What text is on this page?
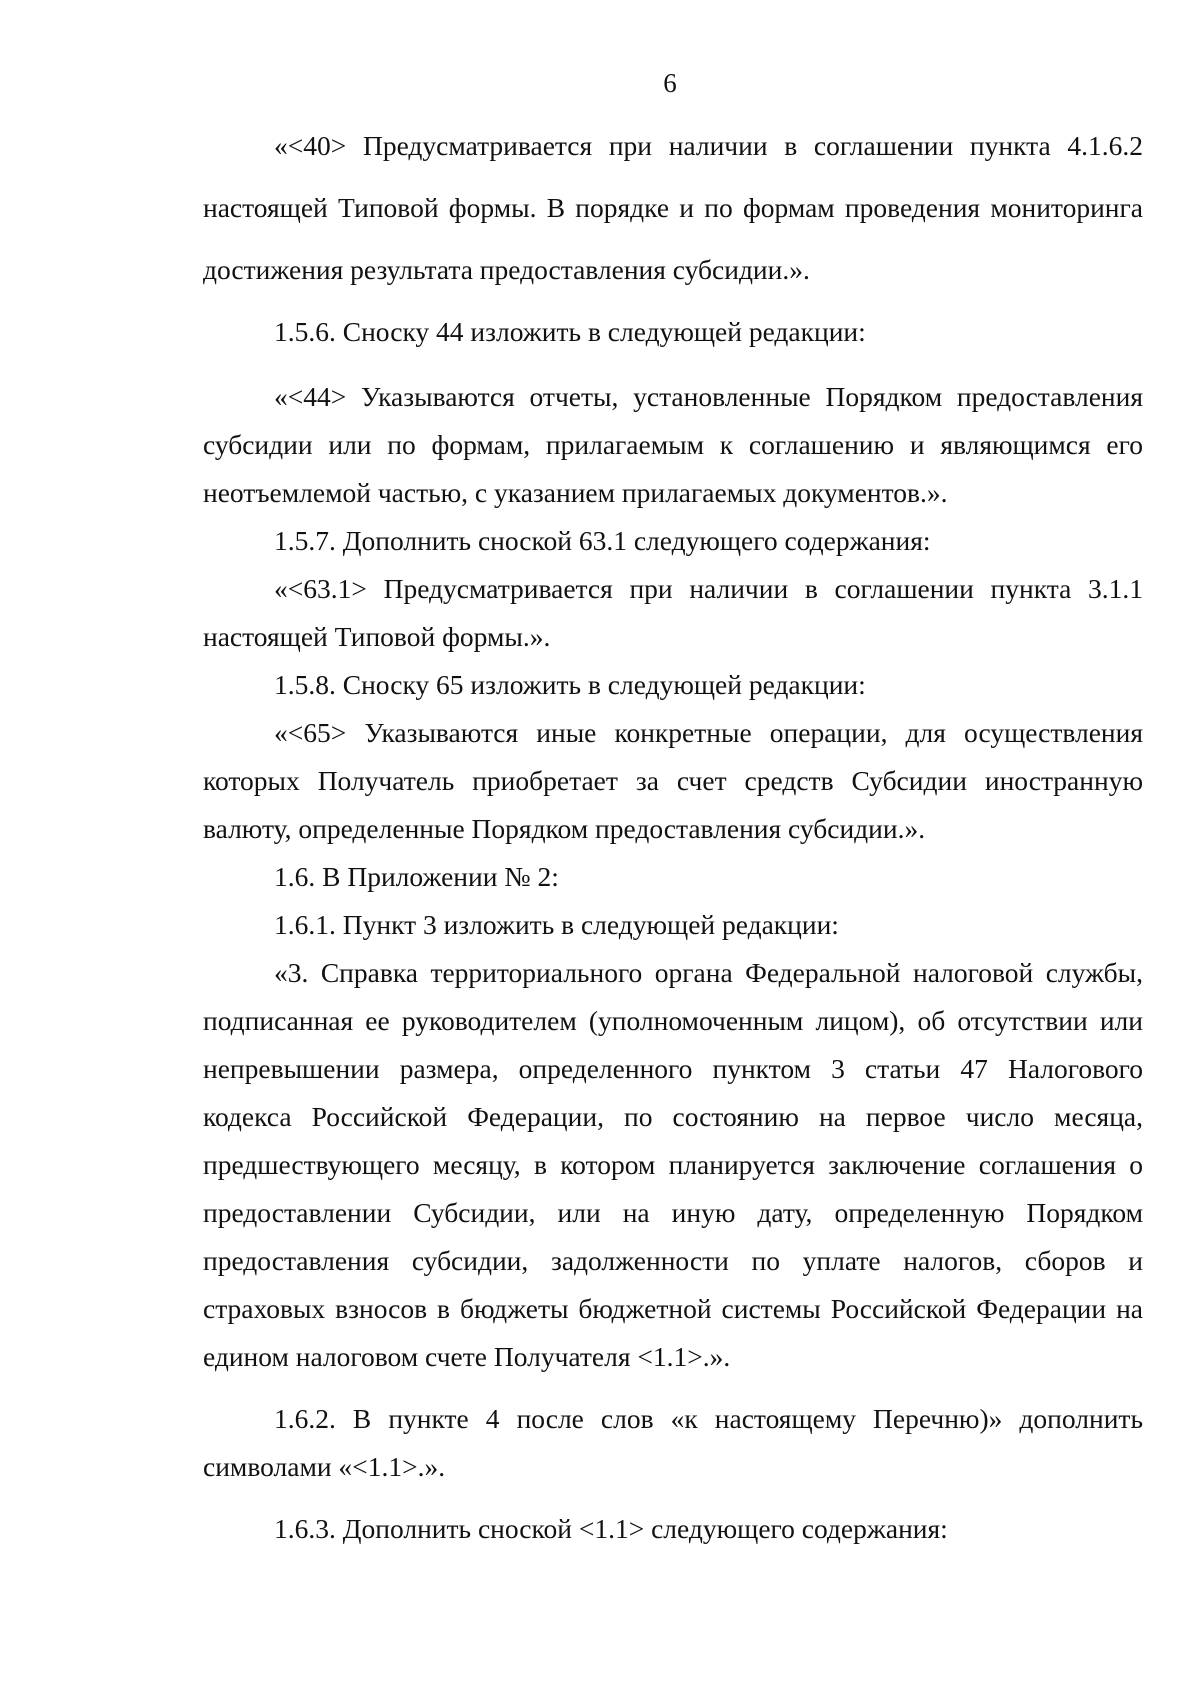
6

«<40> Предусматривается при наличии в соглашении пункта 4.1.6.2 настоящей Типовой формы. В порядке и по формам проведения мониторинга достижения результата предоставления субсидии.».

1.5.6. Сноску 44 изложить в следующей редакции:

«<44> Указываются отчеты, установленные Порядком предоставления субсидии или по формам, прилагаемым к соглашению и являющимся его неотъемлемой частью, с указанием прилагаемых документов.».

1.5.7. Дополнить сноской 63.1 следующего содержания:

«<63.1> Предусматривается при наличии в соглашении пункта 3.1.1 настоящей Типовой формы.».

1.5.8. Сноску 65 изложить в следующей редакции:

«<65> Указываются иные конкретные операции, для осуществления которых Получатель приобретает за счет средств Субсидии иностранную валюту, определенные Порядком предоставления субсидии.».

1.6. В Приложении № 2:

1.6.1. Пункт 3 изложить в следующей редакции:

«3. Справка территориального органа Федеральной налоговой службы, подписанная ее руководителем (уполномоченным лицом), об отсутствии или непревышении размера, определенного пунктом 3 статьи 47 Налогового кодекса Российской Федерации, по состоянию на первое число месяца, предшествующего месяцу, в котором планируется заключение соглашения о предоставлении Субсидии, или на иную дату, определенную Порядком предоставления субсидии, задолженности по уплате налогов, сборов и страховых взносов в бюджеты бюджетной системы Российской Федерации на едином налоговом счете Получателя <1.1>.».

1.6.2. В пункте 4 после слов «к настоящему Перечню)» дополнить символами «<1.1>.».

1.6.3. Дополнить сноской <1.1> следующего содержания:
